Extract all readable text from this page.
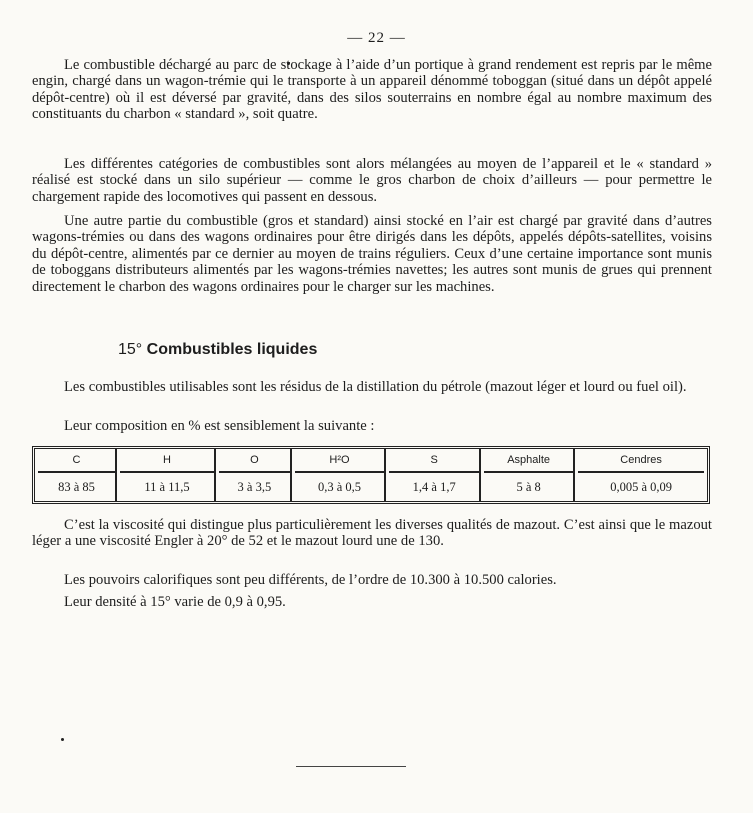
— 22 —

Le combustible déchargé au parc de stockage à l’aide d’un portique à grand rendement est repris par le même engin, chargé dans un wagon-trémie qui le transporte à un appareil dénommé toboggan (situé dans un dépôt appelé dépôt-centre) où il est déversé par gravité, dans des silos souterrains en nombre égal au nombre maximum des constituants du charbon « standard », soit quatre.

Les différentes catégories de combustibles sont alors mélangées au moyen de l’appareil et le « standard » réalisé est stocké dans un silo supérieur — comme le gros charbon de choix d’ailleurs — pour permettre le chargement rapide des locomotives qui passent en dessous.

Une autre partie du combustible (gros et standard) ainsi stocké en l’air est chargé par gravité dans d’autres wagons-trémies ou dans des wagons ordinaires pour être dirigés dans les dépôts, appelés dépôts-satellites, voisins du dépôt-centre, alimentés par ce dernier au moyen de trains réguliers. Ceux d’une certaine importance sont munis de toboggans distributeurs alimentés par les wagons-trémies navettes; les autres sont munis de grues qui prennent directement le charbon des wagons ordinaires pour le charger sur les machines.

15° Combustibles liquides

Les combustibles utilisables sont les résidus de la distillation du pétrole (mazout léger et lourd ou fuel oil).

Leur composition en % est sensiblement la suivante :

C	H	O	H²O	S	Asphalte	Cendres
83 à 85	11 à 11,5	3 à 3,5	0,3 à 0,5	1,4 à 1,7	5 à 8	0,005 à 0,09

C’est la viscosité qui distingue plus particulièrement les diverses qualités de mazout. C’est ainsi que le mazout léger a une viscosité Engler à 20° de 52 et le mazout lourd une de 130.

Les pouvoirs calorifiques sont peu différents, de l’ordre de 10.300 à 10.500 calories.

Leur densité à 15° varie de 0,9 à 0,95.
